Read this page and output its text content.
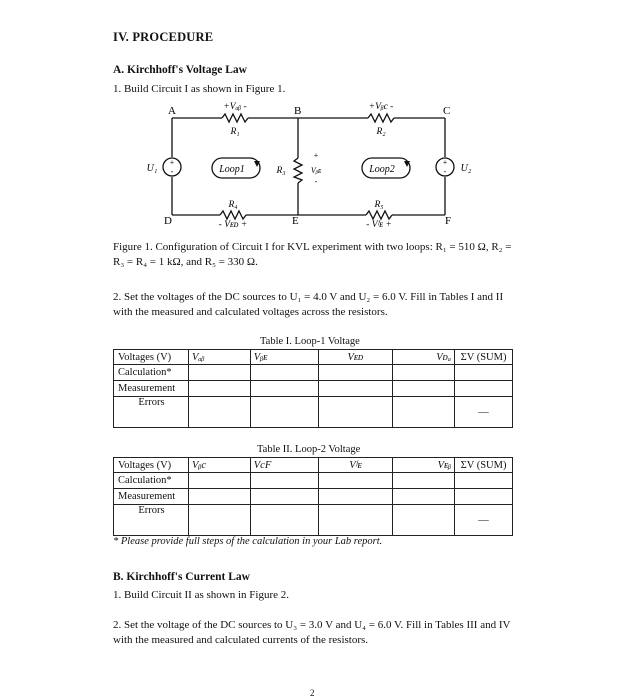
IV. PROCEDURE
A. Kirchhoff's Voltage Law
1. Build Circuit I as shown in Figure 1.
+
-
+
-
+
-
A	B	C
D	E	F
+Vₐᵦ -	+Vᵦc -
R₁	R₂
R₃	Vᵦᴇ
R₄	R₅
- Vᴇᴅ +	- Vᶠᴇ +
U₁	U₂
Loop1	Loop2
Figure 1. Configuration of Circuit I for KVL experiment with two loops: R₁ = 510 Ω, R₂ = R₃ = R₄ = 1 kΩ, and R₅ = 330 Ω.
2. Set the voltages of the DC sources to U₁ = 4.0 V and U₂ = 6.0 V. Fill in Tables I and II with the measured and calculated voltages across the resistors.
Table I. Loop-1 Voltage
Voltages (V)	Vₐᵦ	Vᵦᴇ	Vᴇᴅ	Vᴅₐ	ΣV (SUM)
Calculation*					
Measurement					
Errors					—
Table II. Loop-2 Voltage
Voltages (V)	Vᵦc	VcF	Vᶠᴇ	Vᴇᵦ	ΣV (SUM)
Calculation*					
Measurement					
Errors					—
* Please provide full steps of the calculation in your Lab report.
B. Kirchhoff's Current Law
1. Build Circuit II as shown in Figure 2.
2. Set the voltage of the DC sources to U₃ = 3.0 V and U₄ = 6.0 V. Fill in Tables III and IV with the measured and calculated currents of the resistors.
2
